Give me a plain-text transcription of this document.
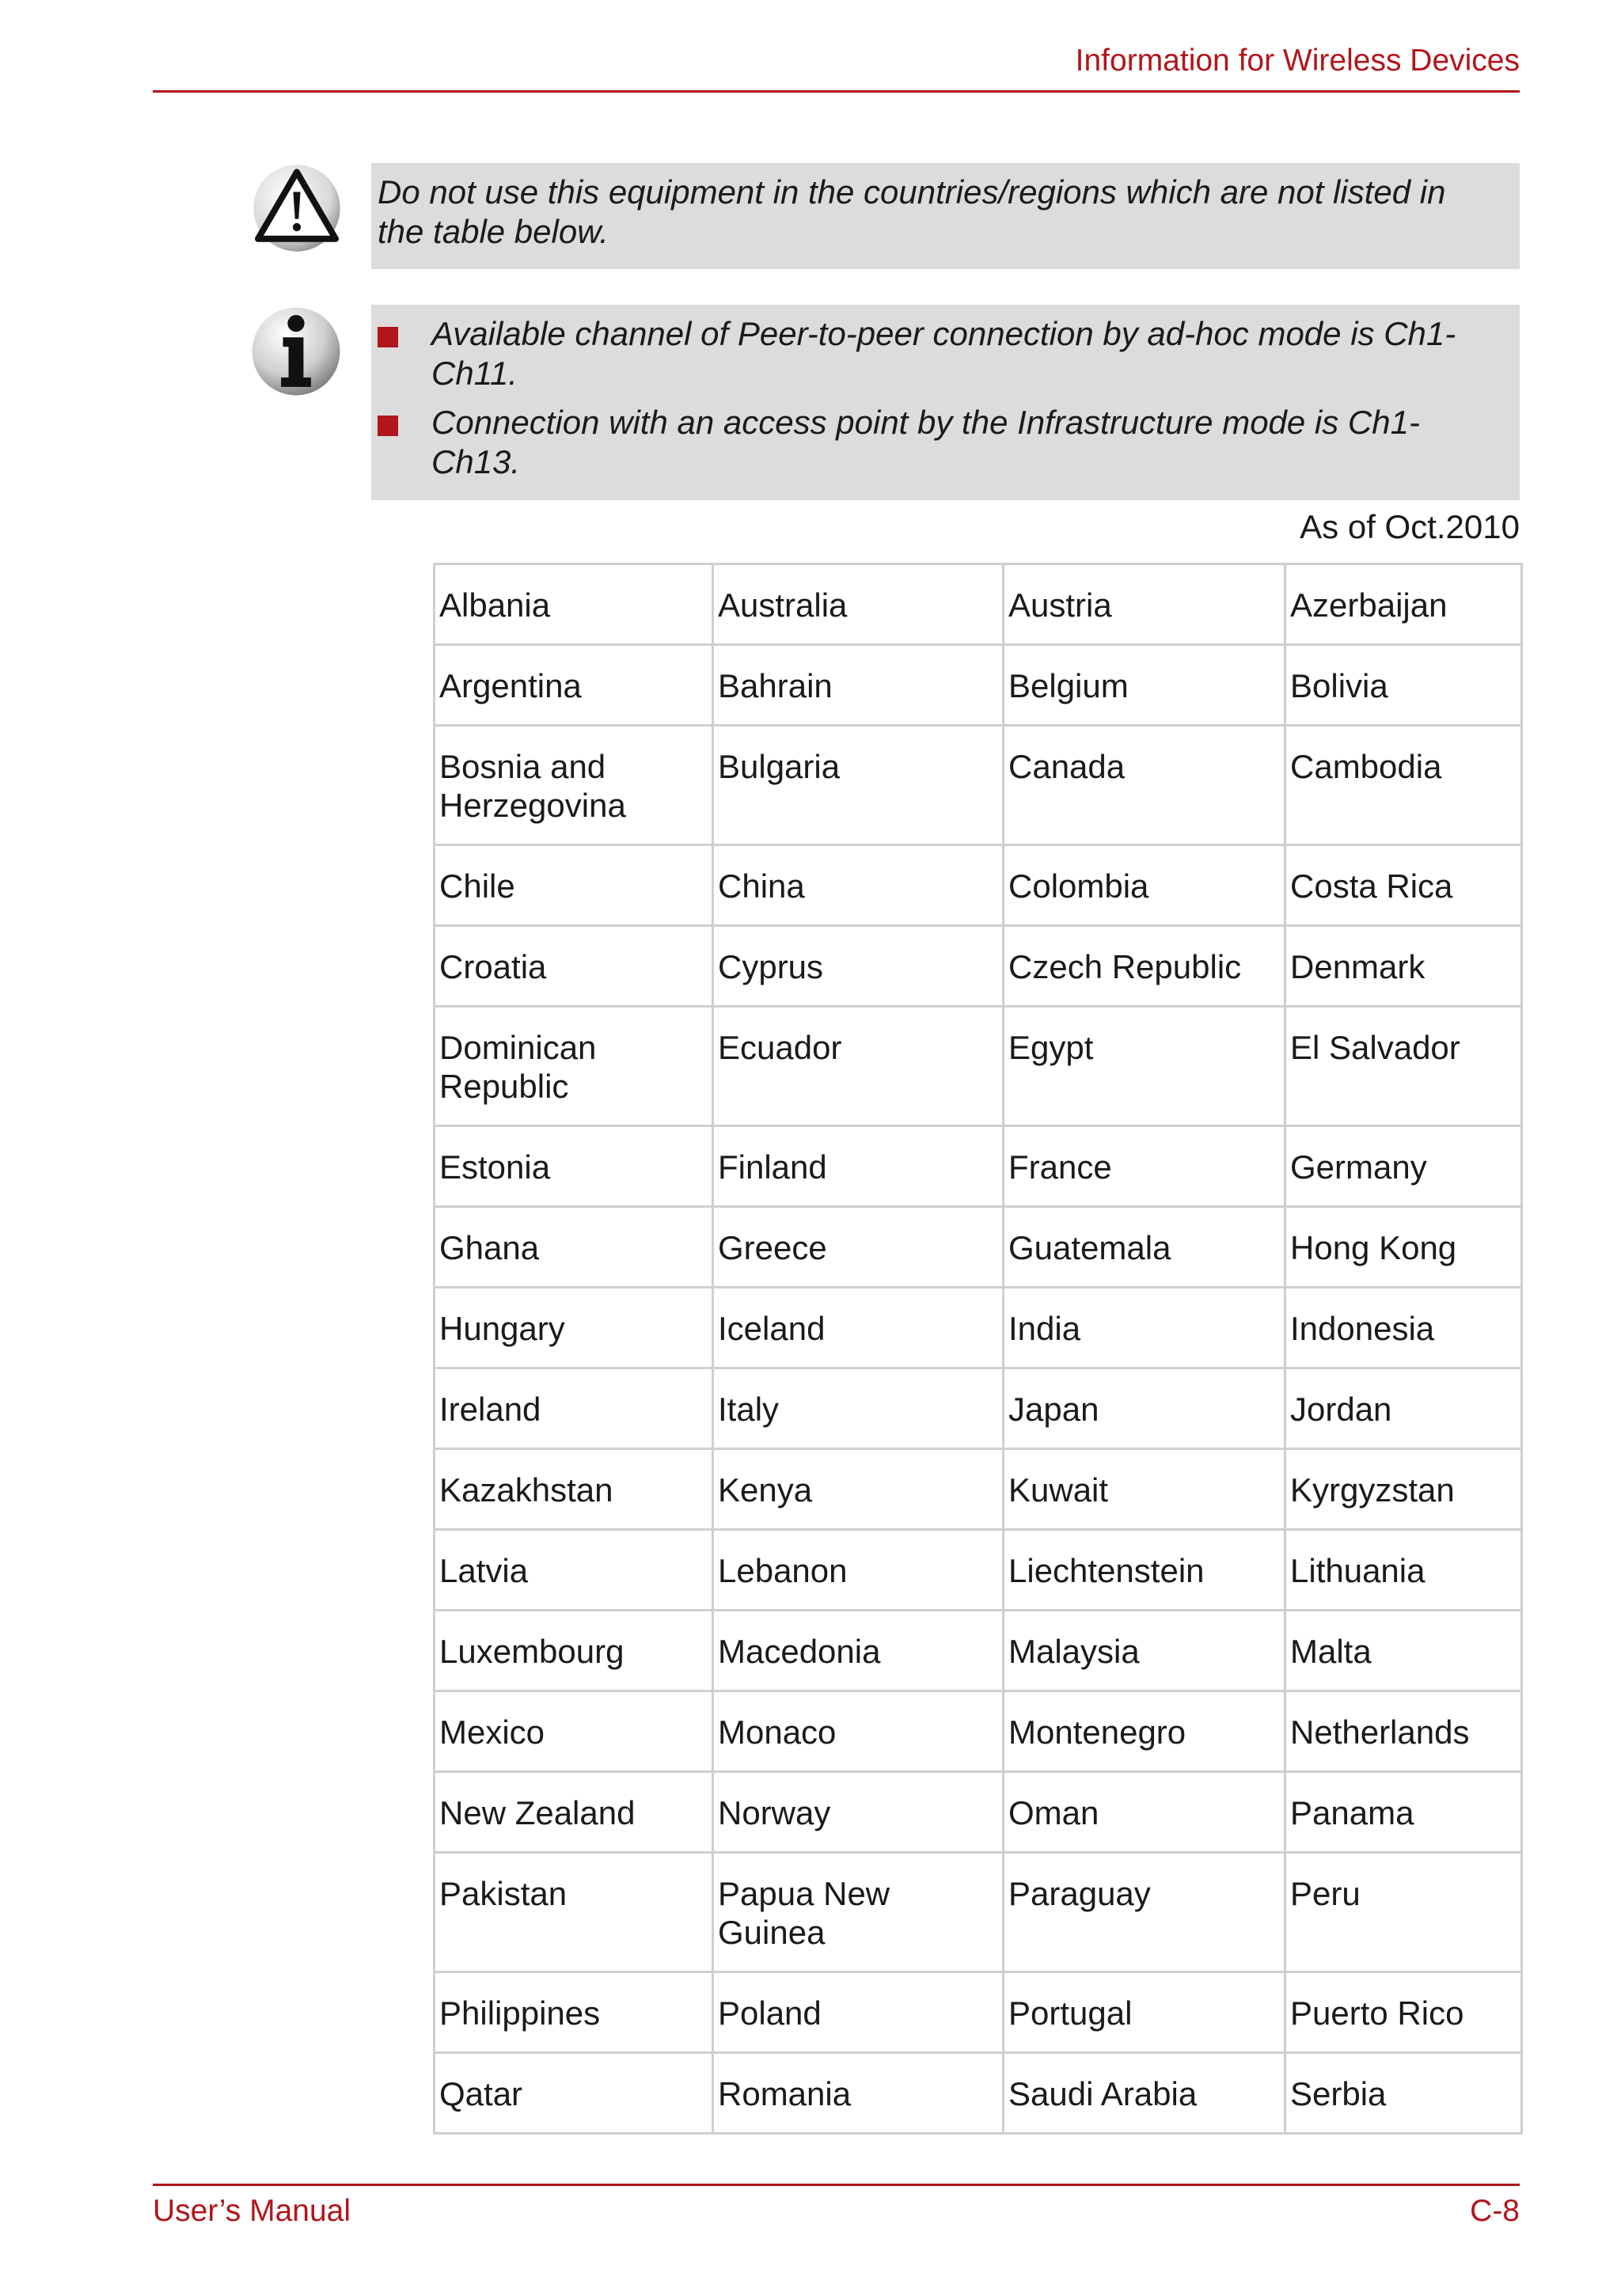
Information for Wireless Devices

Do not use this equipment in the countries/regions which are not listed in the table below.

Available channel of Peer-to-peer connection by ad-hoc mode is Ch1-Ch11.
Connection with an access point by the Infrastructure mode is Ch1-Ch13.
As of Oct.2010
Albania	Australia	Austria	Azerbaijan
Argentina	Bahrain	Belgium	Bolivia
Bosnia and Herzegovina	Bulgaria	Canada	Cambodia
Chile	China	Colombia	Costa Rica
Croatia	Cyprus	Czech Republic	Denmark
Dominican Republic	Ecuador	Egypt	El Salvador
Estonia	Finland	France	Germany
Ghana	Greece	Guatemala	Hong Kong
Hungary	Iceland	India	Indonesia
Ireland	Italy	Japan	Jordan
Kazakhstan	Kenya	Kuwait	Kyrgyzstan
Latvia	Lebanon	Liechtenstein	Lithuania
Luxembourg	Macedonia	Malaysia	Malta
Mexico	Monaco	Montenegro	Netherlands
New Zealand	Norway	Oman	Panama
Pakistan	Papua New Guinea	Paraguay	Peru
Philippines	Poland	Portugal	Puerto Rico
Qatar	Romania	Saudi Arabia	Serbia
User’s Manual	C-8
